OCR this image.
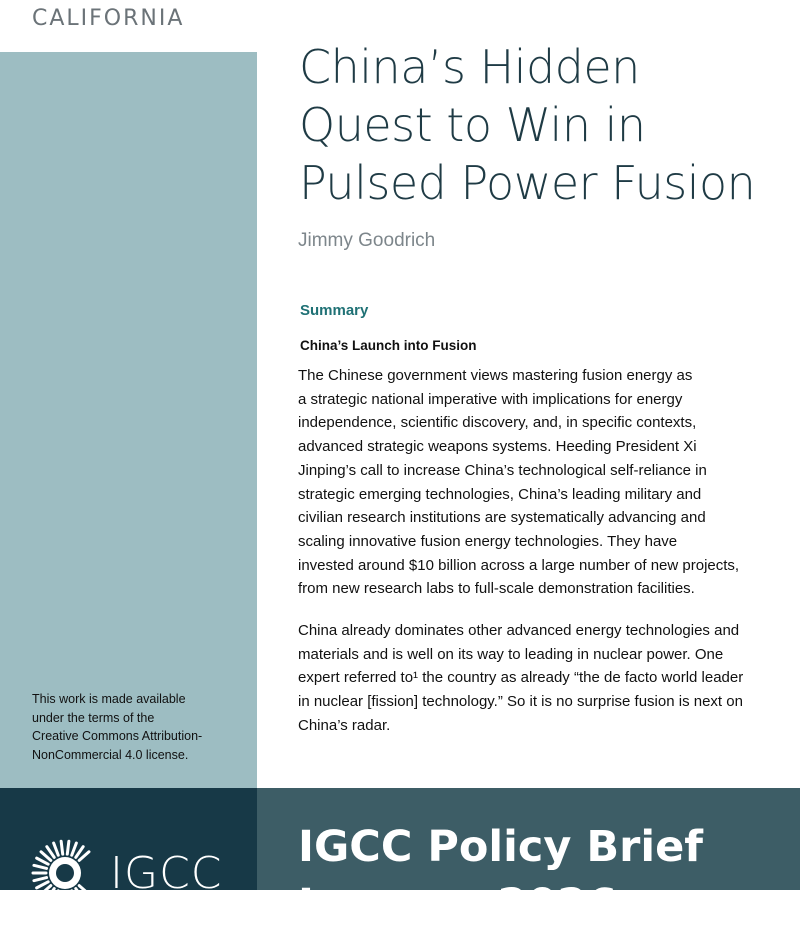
CALIFORNIA
This work is made available
under the terms of the
Creative Commons Attribution-
NonCommercial 4.0 license.
China’s Hidden
Quest to Win in
Pulsed Power Fusion
Jimmy Goodrich
Summary
China’s Launch into Fusion

The Chinese government views mastering fusion energy as
a strategic national imperative with implications for energy
independence, scientific discovery, and, in specific contexts,
advanced strategic weapons systems. Heeding President Xi
Jinping’s call to increase China’s technological self-reliance in
strategic emerging technologies, China’s leading military and
civilian research institutions are systematically advancing and
scaling innovative fusion energy technologies. They have
invested around $10 billion across a large number of new projects,
from new research labs to full-scale demonstration facilities.

China already dominates other advanced energy technologies and
materials and is well on its way to leading in nuclear power. One
expert referred to¹ the country as already “the de facto world leader
in nuclear [fission] technology.” So it is no surprise fusion is next on
China’s radar.

IGCC
IGCC Policy Brief
January 2026
